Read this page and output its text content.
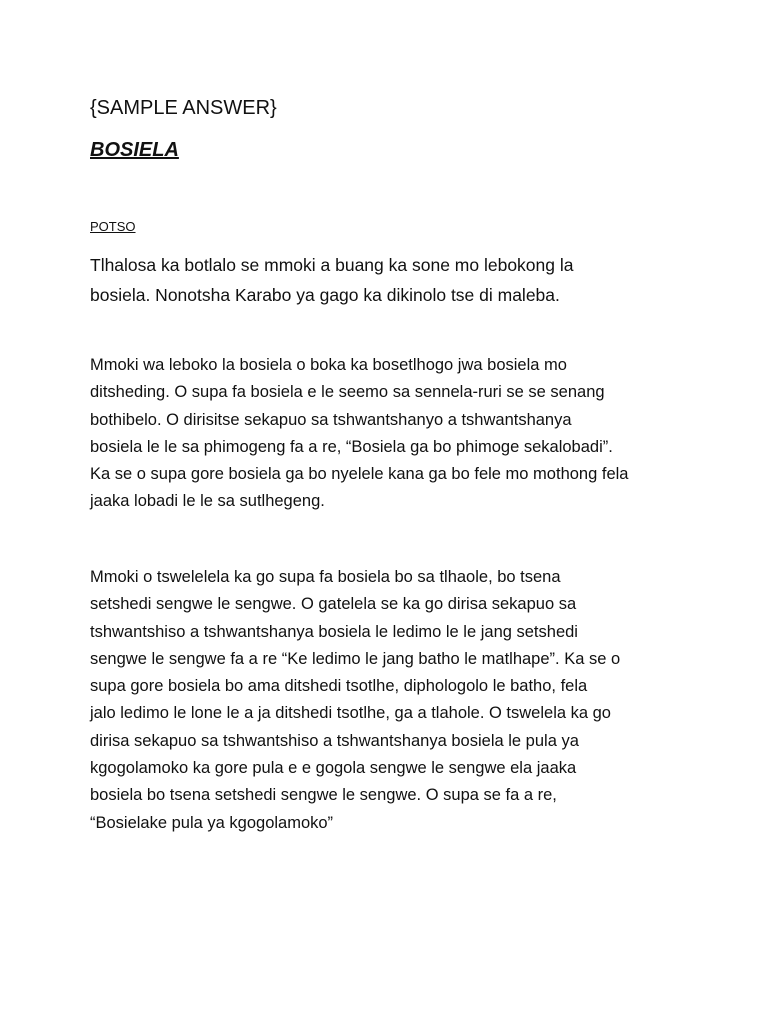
{SAMPLE ANSWER}
BOSIELA
POTSO
Tlhalosa ka botlalo se mmoki a buang ka sone mo lebokong la
bosiela. Nonotsha Karabo ya gago ka dikinolo tse di maleba.
Mmoki wa leboko la bosiela o boka ka bosetlhogo jwa bosiela mo
ditsheding. O supa fa bosiela e le seemo sa sennela-ruri se se senang
bothibelo. O dirisitse sekapuo sa tshwantshanyo a tshwantshanya
bosiela le le sa phimogeng fa a re, “Bosiela ga bo phimoge sekalobadi”.
Ka se o supa gore bosiela ga bo nyelele kana ga bo fele mo mothong fela
jaaka lobadi le le sa sutlhegeng.
Mmoki o tswelelela ka go supa fa bosiela bo sa tlhaole, bo tsena
setshedi sengwe le sengwe. O gatelela se ka go dirisa sekapuo sa
tshwantshiso a tshwantshanya bosiela le ledimo le le jang setshedi
sengwe le sengwe fa a re “Ke ledimo le jang batho le matlhape”. Ka se o
supa gore bosiela bo ama ditshedi tsotlhe, diphologolo le batho, fela
jalo ledimo le lone le a ja ditshedi tsotlhe, ga a tlahole. O tswelela ka go
dirisa sekapuo sa tshwantshiso a tshwantshanya bosiela le pula ya
kgogolamoko ka gore pula e e gogola sengwe le sengwe ela jaaka
bosiela bo tsena setshedi sengwe le sengwe. O supa se fa a re,
“Bosielake pula ya kgogolamoko”
